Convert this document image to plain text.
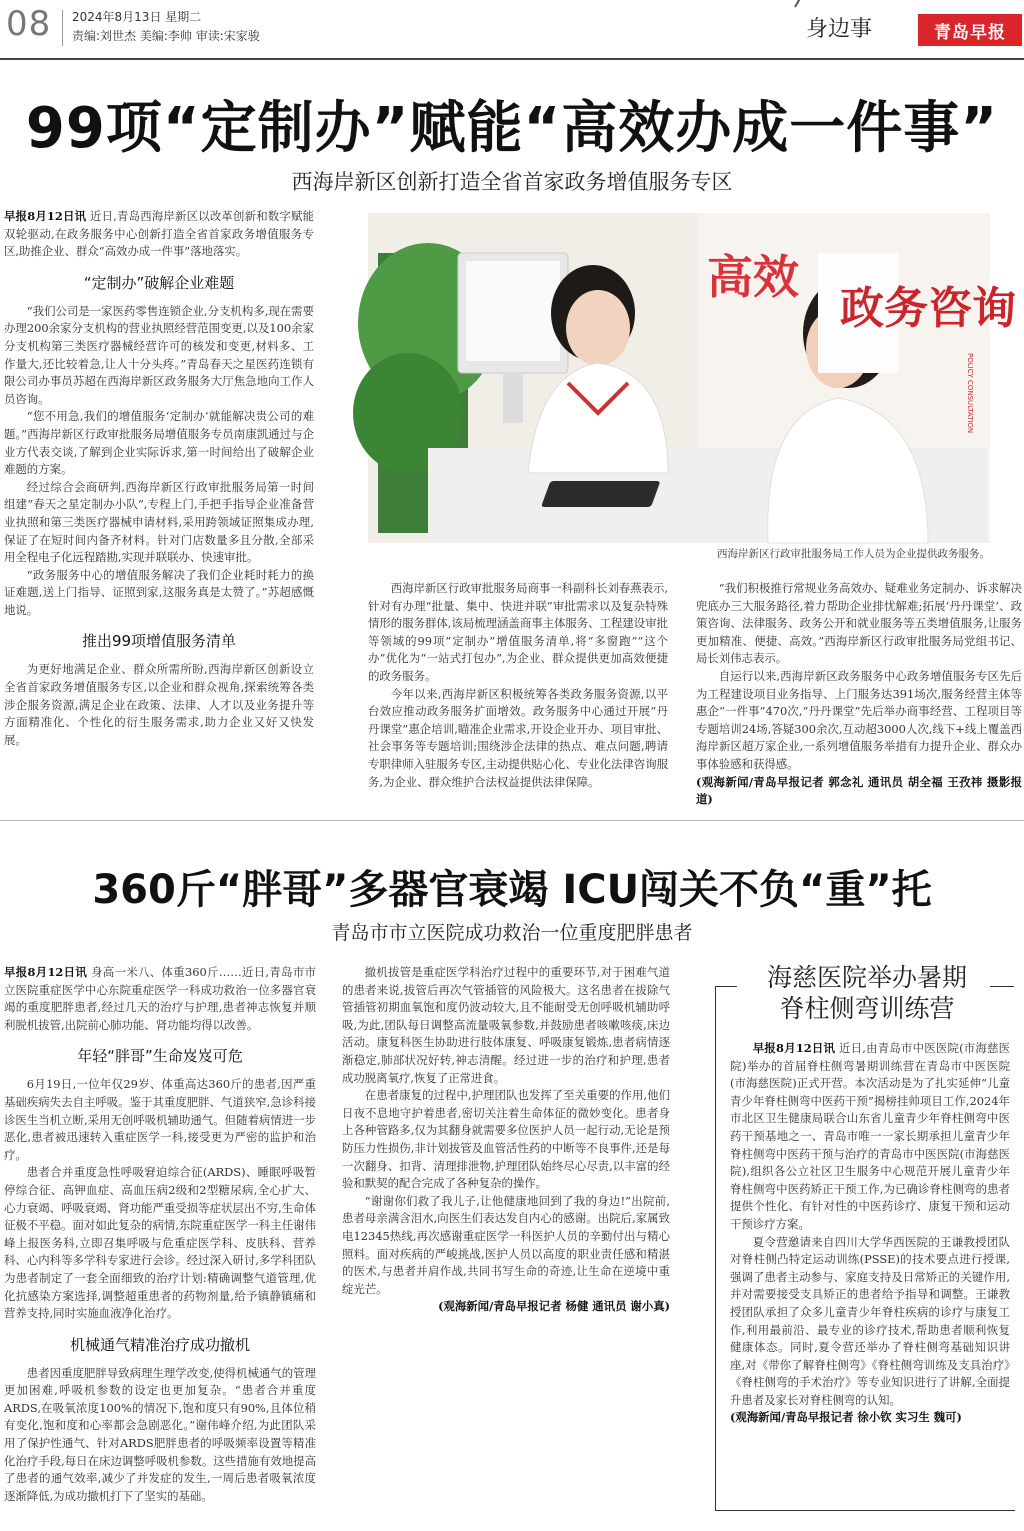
08 2024年8月13日 星期二
责编:刘世杰 美编:李帅 审读:宋家骏	身边事	青岛早报
99项“定制办”赋能“高效办成一件事”
西海岸新区创新打造全省首家政务增值服务专区

早报8月12日讯 近日,青岛西海岸新区以改革创新和数字赋能双轮驱动,在政务服务中心创新打造全省首家政务增值服务专区,助推企业、群众“高效办成一件事”落地落实。

“定制办”破解企业难题

“我们公司是一家医药零售连锁企业,分支机构多,现在需要办理200余家分支机构的营业执照经营范围变更,以及100余家分支机构第三类医疗器械经营许可的核发和变更,材料多、工作量大,还比较着急,让人十分头疼。”青岛春天之星医药连锁有限公司办事员苏超在西海岸新区政务服务大厅焦急地向工作人员咨询。

“您不用急,我们的增值服务‘定制办’就能解决贵公司的难题。”西海岸新区行政审批服务局增值服务专员南康凯通过与企业方代表交谈,了解到企业实际诉求,第一时间给出了破解企业难题的方案。

经过综合会商研判,西海岸新区行政审批服务局第一时间组建“春天之星定制办小队”,专程上门,手把手指导企业准备营业执照和第三类医疗器械申请材料,采用跨领域证照集成办理,保证了在短时间内备齐材料。针对门店数量多且分散,全部采用全程电子化远程踏勘,实现并联联办、快速审批。

“政务服务中心的增值服务解决了我们企业耗时耗力的换证难题,送上门指导、证照到家,这服务真是太赞了。”苏超感慨地说。

推出99项增值服务清单

为更好地满足企业、群众所需所盼,西海岸新区创新设立全省首家政务增值服务专区,以企业和群众视角,探索统筹各类涉企服务资源,满足企业在政策、法律、人才以及业务提升等方面精准化、个性化的衍生服务需求,助力企业又好又快发展。

政务咨询
高效
POLICY CONSULTATION
西海岸新区行政审批服务局工作人员为企业提供政务服务。

西海岸新区行政审批服务局商事一科副科长刘春燕表示,针对有办理“批量、集中、快进并联”审批需求以及复杂特殊情形的服务群体,该局梳理涵盖商事主体服务、工程建设审批等领域的99项“定制办”增值服务清单,将“多窗跑”“这个办”优化为“一站式打包办”,为企业、群众提供更加高效便捷的政务服务。

今年以来,西海岸新区积极统筹各类政务服务资源,以平台效应推动政务服务扩面增效。政务服务中心通过开展“丹丹课堂”惠企培训,瞄准企业需求,开设企业开办、项目审批、社会事务等专题培训;围绕涉企法律的热点、难点问题,聘请专职律师入驻服务专区,主动提供贴心化、专业化法律咨询服务,为企业、群众维护合法权益提供法律保障。

“我们积极推行常规业务高效办、疑难业务定制办、诉求解决兜底办三大服务路径,着力帮助企业排忧解难;拓展‘丹丹课堂’、政策咨询、法律服务、政务公开和就业服务等五类增值服务,让服务更加精准、便捷、高效。”西海岸新区行政审批服务局党组书记、局长刘伟志表示。

自运行以来,西海岸新区政务服务中心政务增值服务专区先后为工程建设项目业务指导、上门服务达391场次,服务经营主体等惠企“一件事”470次,“丹丹课堂”先后举办商事经营、工程项目等专题培训24场,答疑300余次,互动超3000人次,线下+线上覆盖西海岸新区超万家企业,一系列增值服务举措有力提升企业、群众办事体验感和获得感。

(观海新闻/青岛早报记者 郭念礼 通讯员 胡全福 王孜祎 摄影报道)

360斤“胖哥”多器官衰竭 ICU闯关不负“重”托
青岛市市立医院成功救治一位重度肥胖患者

早报8月12日讯 身高一米八、体重360斤……近日,青岛市市立医院重症医学中心东院重症医学一科成功救治一位多器官衰竭的重度肥胖患者,经过几天的治疗与护理,患者神志恢复并顺利脱机拔管,出院前心肺功能、肾功能均得以改善。

年轻“胖哥”生命岌岌可危

6月19日,一位年仅29岁、体重高达360斤的患者,因严重基础疾病失去自主呼吸。鉴于其重度肥胖、气道狭窄,急诊科接诊医生当机立断,采用无创呼吸机辅助通气。但随着病情进一步恶化,患者被迅速转入重症医学一科,接受更为严密的监护和治疗。

患者合并重度急性呼吸窘迫综合征(ARDS)、睡眠呼吸暂停综合征、高钾血症、高血压病2级和2型糖尿病,全心扩大、心力衰竭、呼吸衰竭、肾功能严重受损等症状层出不穷,生命体征极不平稳。面对如此复杂的病情,东院重症医学一科主任谢伟峰上报医务科,立即召集呼吸与危重症医学科、皮肤科、营养科、心内科等多学科专家进行会诊。经过深入研讨,多学科团队为患者制定了一套全面细致的治疗计划:精确调整气道管理,优化抗感染方案选择,调整超重患者的药物剂量,给予镇静镇痛和营养支持,同时实施血液净化治疗。

机械通气精准治疗成功撤机

患者因重度肥胖导致病理生理学改变,使得机械通气的管理更加困难,呼吸机参数的设定也更加复杂。“患者合并重度ARDS,在吸氧浓度100%的情况下,饱和度只有90%,且体位稍有变化,饱和度和心率都会急剧恶化。”谢伟峰介绍,为此团队采用了保护性通气、针对ARDS肥胖患者的呼吸频率设置等精准化治疗手段,每日在床边调整呼吸机参数。这些措施有效地提高了患者的通气效率,减少了并发症的发生,一周后患者吸氧浓度逐渐降低,为成功撤机打下了坚实的基础。

撤机拔管是重症医学科治疗过程中的重要环节,对于困难气道的患者来说,拔管后再次气管插管的风险极大。这名患者在拔除气管插管初期血氧饱和度仍波动较大,且不能耐受无创呼吸机辅助呼吸,为此,团队每日调整高流量吸氧参数,并鼓励患者咳嗽咳痰,床边活动。康复科医生协助进行肢体康复、呼吸康复锻炼,患者病情逐渐稳定,肺部状况好转,神志清醒。经过进一步的治疗和护理,患者成功脱离氧疗,恢复了正常进食。

在患者康复的过程中,护理团队也发挥了至关重要的作用,他们日夜不息地守护着患者,密切关注着生命体征的微妙变化。患者身上各种管路多,仅为其翻身就需要多位医护人员一起行动,无论是预防压力性损伤,非计划拔管及血管活性药的中断等不良事件,还是每一次翻身、扣背、清理排泄物,护理团队始终尽心尽责,以丰富的经验和默契的配合完成了各种复杂的操作。

“谢谢你们救了我儿子,让他健康地回到了我的身边!”出院前,患者母亲满含泪水,向医生们表达发自内心的感谢。出院后,家属致电12345热线,再次感谢重症医学一科医护人员的辛勤付出与精心照料。面对疾病的严峻挑战,医护人员以高度的职业责任感和精湛的医术,与患者并肩作战,共同书写生命的奇迹,让生命在逆境中重绽光芒。

(观海新闻/青岛早报记者 杨健 通讯员 谢小真)

海慈医院举办暑期
脊柱侧弯训练营

早报8月12日讯 近日,由青岛市中医医院(市海慈医院)举办的首届脊柱侧弯暑期训练营在青岛市中医医院(市海慈医院)正式开营。本次活动是为了扎实延伸“儿童青少年脊柱侧弯中医药干预”揭榜挂帅项目工作,2024年市北区卫生健康局联合山东省儿童青少年脊柱侧弯中医药干预基地之一、青岛市唯一一家长期承担儿童青少年脊柱侧弯中医药干预与治疗的青岛市中医医院(市海慈医院),组织各公立社区卫生服务中心规范开展儿童青少年脊柱侧弯中医药矫正干预工作,为已确诊脊柱侧弯的患者提供个性化、有针对性的中医药诊疗、康复干预和运动干预诊疗方案。

夏令营邀请来自四川大学华西医院的王谦教授团队对脊柱侧凸特定运动训练(PSSE)的技术要点进行授课,强调了患者主动参与、家庭支持及日常矫正的关键作用,并对需要接受支具矫正的患者给予指导和调整。王谦教授团队承担了众多儿童青少年脊柱疾病的诊疗与康复工作,利用最前沿、最专业的诊疗技术,帮助患者顺利恢复健康体态。同时,夏令营还举办了脊柱侧弯基础知识讲座,对《带你了解脊柱侧弯》《脊柱侧弯训练及支具治疗》《脊柱侧弯的手术治疗》等专业知识进行了讲解,全面提升患者及家长对脊柱侧弯的认知。

(观海新闻/青岛早报记者 徐小钦 实习生 魏可)
